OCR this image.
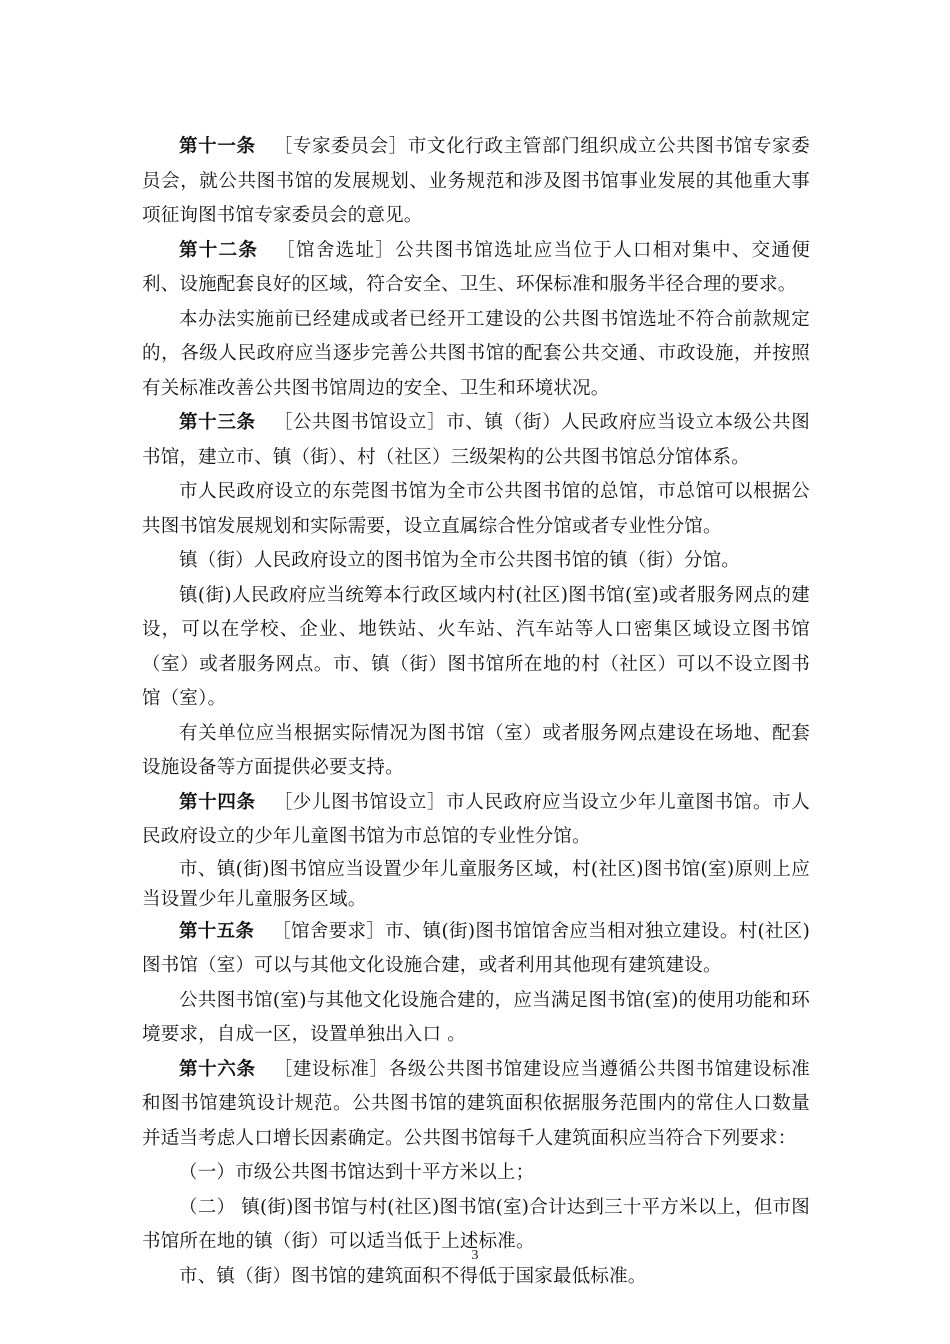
第十一条 ［专家委员会］市文化行政主管部门组织成立公共图书馆专家委员会，就公共图书馆的发展规划、业务规范和涉及图书馆事业发展的其他重大事项征询图书馆专家委员会的意见。

第十二条 ［馆舍选址］公共图书馆选址应当位于人口相对集中、交通便利、设施配套良好的区域，符合安全、卫生、环保标准和服务半径合理的要求。

本办法实施前已经建成或者已经开工建设的公共图书馆选址不符合前款规定的，各级人民政府应当逐步完善公共图书馆的配套公共交通、市政设施，并按照有关标准改善公共图书馆周边的安全、卫生和环境状况。

第十三条 ［公共图书馆设立］市、镇（街）人民政府应当设立本级公共图书馆，建立市、镇（街）、村（社区）三级架构的公共图书馆总分馆体系。

市人民政府设立的东莞图书馆为全市公共图书馆的总馆，市总馆可以根据公共图书馆发展规划和实际需要，设立直属综合性分馆或者专业性分馆。

镇（街）人民政府设立的图书馆为全市公共图书馆的镇（街）分馆。

镇(街)人民政府应当统筹本行政区域内村(社区)图书馆(室)或者服务网点的建设，可以在学校、企业、地铁站、火车站、汽车站等人口密集区域设立图书馆（室）或者服务网点。市、镇（街）图书馆所在地的村（社区）可以不设立图书馆（室）。

有关单位应当根据实际情况为图书馆（室）或者服务网点建设在场地、配套设施设备等方面提供必要支持。

第十四条 ［少儿图书馆设立］市人民政府应当设立少年儿童图书馆。市人民政府设立的少年儿童图书馆为市总馆的专业性分馆。

市、镇(街)图书馆应当设置少年儿童服务区域，村(社区)图书馆(室)原则上应当设置少年儿童服务区域。

第十五条 ［馆舍要求］市、镇(街)图书馆馆舍应当相对独立建设。村(社区)图书馆（室）可以与其他文化设施合建，或者利用其他现有建筑建设。

公共图书馆(室)与其他文化设施合建的，应当满足图书馆(室)的使用功能和环境要求，自成一区，设置单独出入口 。

第十六条 ［建设标准］各级公共图书馆建设应当遵循公共图书馆建设标准和图书馆建筑设计规范。公共图书馆的建筑面积依据服务范围内的常住人口数量并适当考虑人口增长因素确定。公共图书馆每千人建筑面积应当符合下列要求：

（一）市级公共图书馆达到十平方米以上；

（二） 镇(街)图书馆与村(社区)图书馆(室)合计达到三十平方米以上，但市图书馆所在地的镇（街）可以适当低于上述标准。

市、镇（街）图书馆的建筑面积不得低于国家最低标准。

3
